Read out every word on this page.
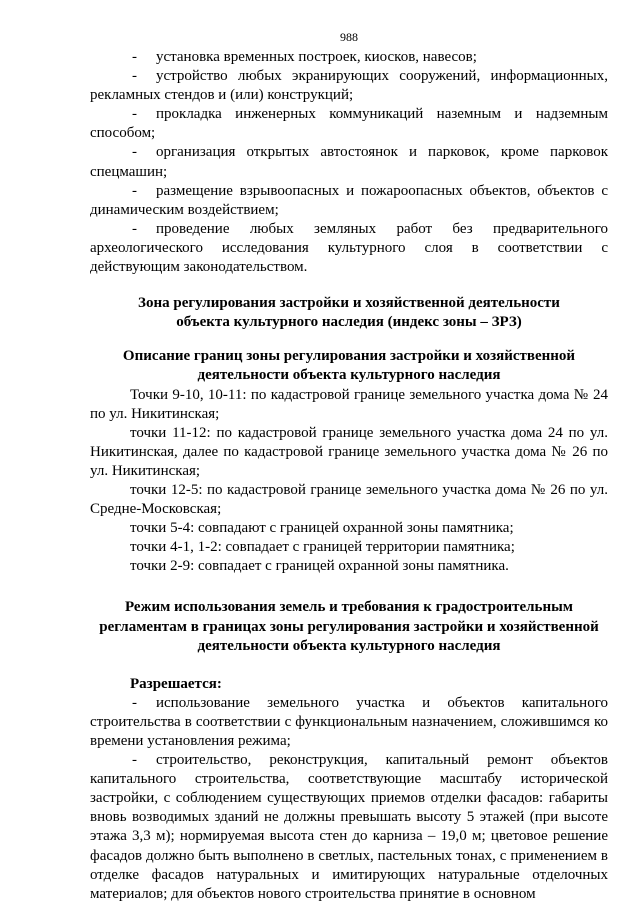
988

- установка временных построек, киосков, навесов;

- устройство любых экранирующих сооружений, информационных, рекламных стендов и (или) конструкций;

- прокладка инженерных коммуникаций наземным и надземным способом;

- организация открытых автостоянок и парковок, кроме парковок спецмашин;

- размещение взрывоопасных и пожароопасных объектов, объектов с динамическим воздействием;

- проведение любых земляных работ без предварительного археологического исследования культурного слоя в соответствии с действующим законодательством.

Зона регулирования застройки и хозяйственной деятельности
объекта культурного наследия (индекс зоны – ЗРЗ)
Описание границ зоны регулирования застройки и хозяйственной
деятельности объекта культурного наследия

Точки 9-10, 10-11: по кадастровой границе земельного участка дома № 24 по ул. Никитинская;

точки 11-12: по кадастровой границе земельного участка дома 24 по ул. Никитинская, далее по кадастровой границе земельного участка дома № 26 по ул. Никитинская;

точки 12-5: по кадастровой границе земельного участка дома № 26 по ул. Средне-Московская;

точки 5-4: совпадают с границей охранной зоны памятника;

точки 4-1, 1-2: совпадает с границей территории памятника;

точки 2-9: совпадает с границей охранной зоны памятника.

Режим использования земель и требования к градостроительным
регламентам в границах зоны регулирования застройки и хозяйственной
деятельности объекта культурного наследия

Разрешается:

- использование земельного участка и объектов капитального строительства в соответствии с функциональным назначением, сложившимся ко времени установления режима;

- строительство, реконструкция, капитальный ремонт объектов капитального строительства, соответствующие масштабу исторической застройки, с соблюдением существующих приемов отделки фасадов: габариты вновь возводимых зданий не должны превышать высоту 5 этажей (при высоте этажа 3,3 м); нормируемая высота стен до карниза – 19,0 м; цветовое решение фасадов должно быть выполнено в светлых, пастельных тонах, с применением в отделке фасадов натуральных и имитирующих натуральные отделочных материалов; для объектов нового строительства принятие в основном
